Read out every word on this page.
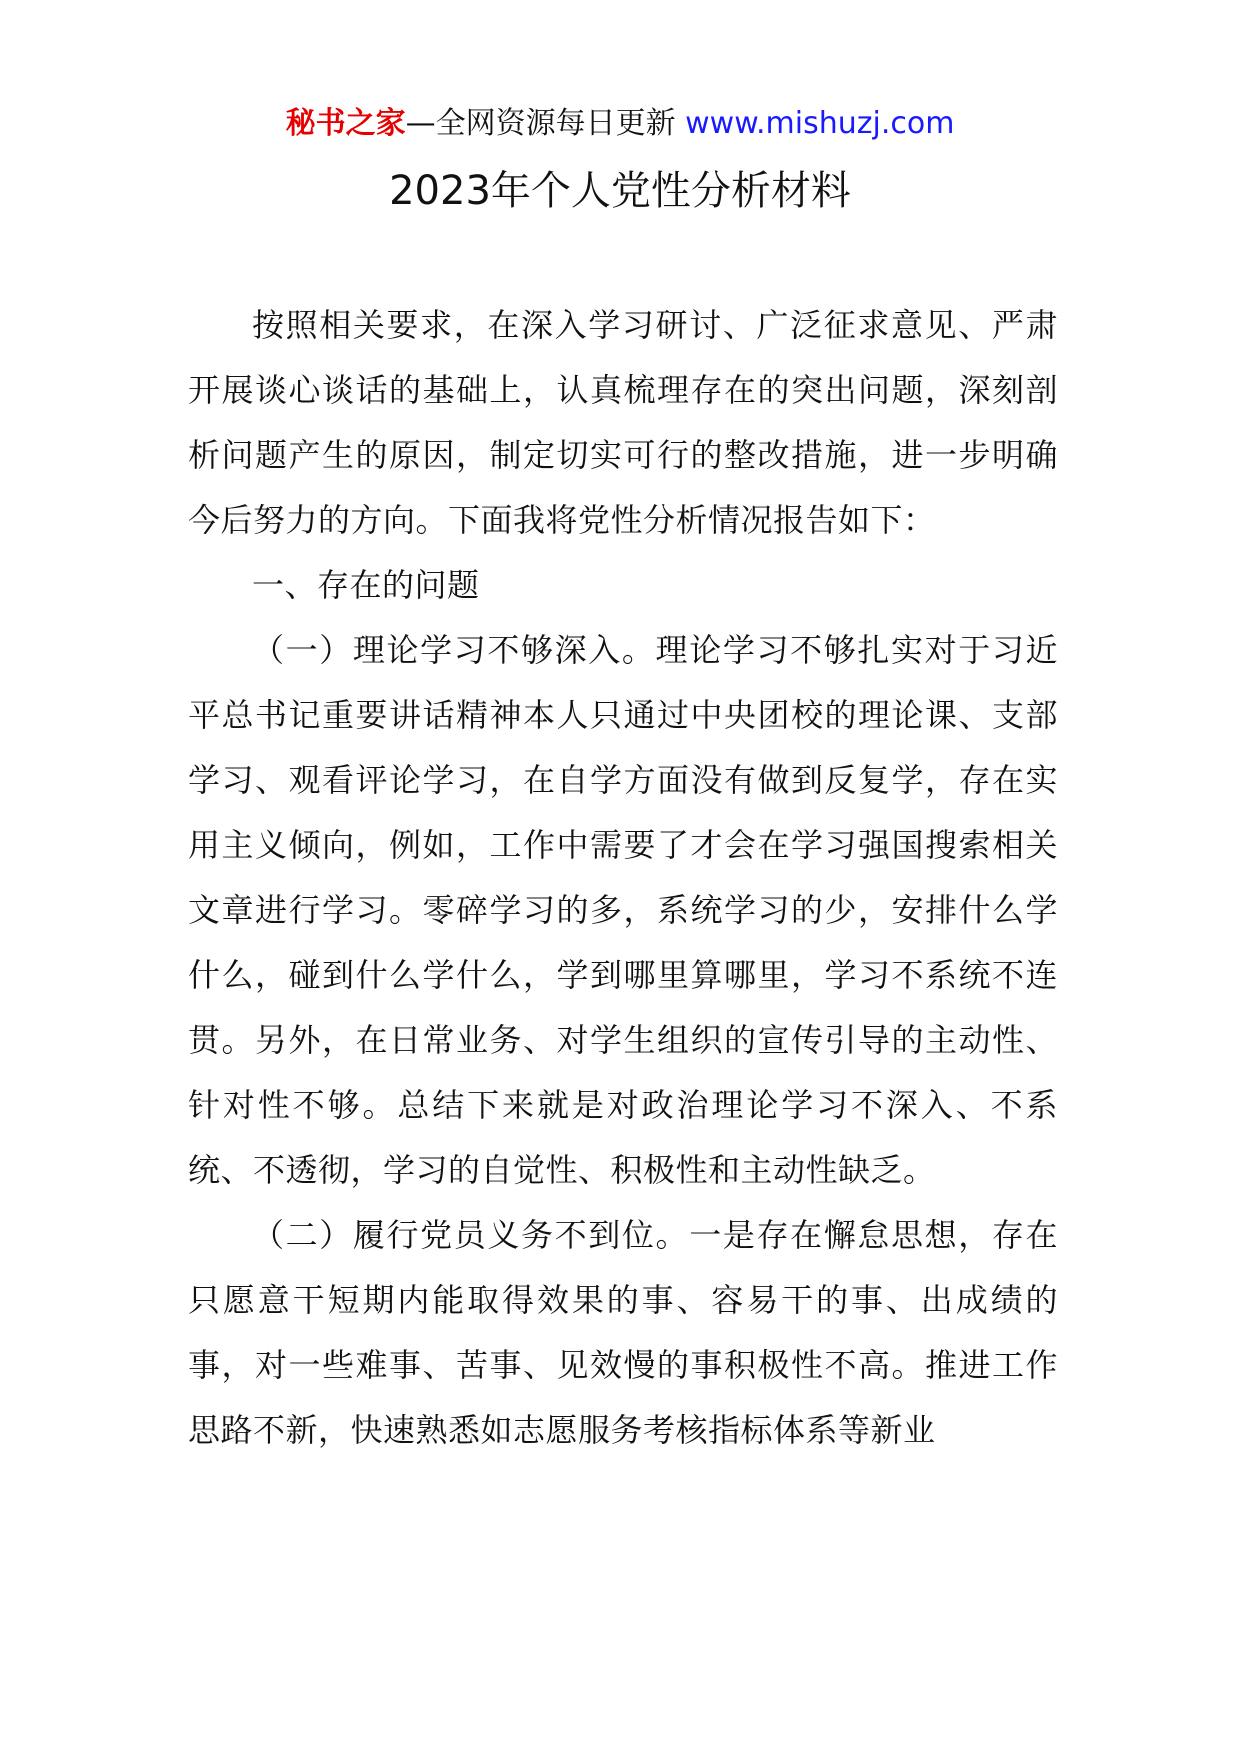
秘书之家—全网资源每日更新 www.mishuzj.com
2023年个人党性分析材料

按照相关要求，在深入学习研讨、广泛征求意见、严肃开展谈心谈话的基础上，认真梳理存在的突出问题，深刻剖析问题产生的原因，制定切实可行的整改措施，进一步明确今后努力的方向。下面我将党性分析情况报告如下：

一、存在的问题

（一）理论学习不够深入。理论学习不够扎实对于习近平总书记重要讲话精神本人只通过中央团校的理论课、支部学习、观看评论学习，在自学方面没有做到反复学，存在实用主义倾向，例如，工作中需要了才会在学习强国搜索相关文章进行学习。零碎学习的多，系统学习的少，安排什么学什么，碰到什么学什么，学到哪里算哪里，学习不系统不连贯。另外，在日常业务、对学生组织的宣传引导的主动性、针对性不够。总结下来就是对政治理论学习不深入、不系统、不透彻，学习的自觉性、积极性和主动性缺乏。

（二）履行党员义务不到位。一是存在懈怠思想，存在只愿意干短期内能取得效果的事、容易干的事、出成绩的事，对一些难事、苦事、见效慢的事积极性不高。推进工作思路不新，快速熟悉如志愿服务考核指标体系等新业
